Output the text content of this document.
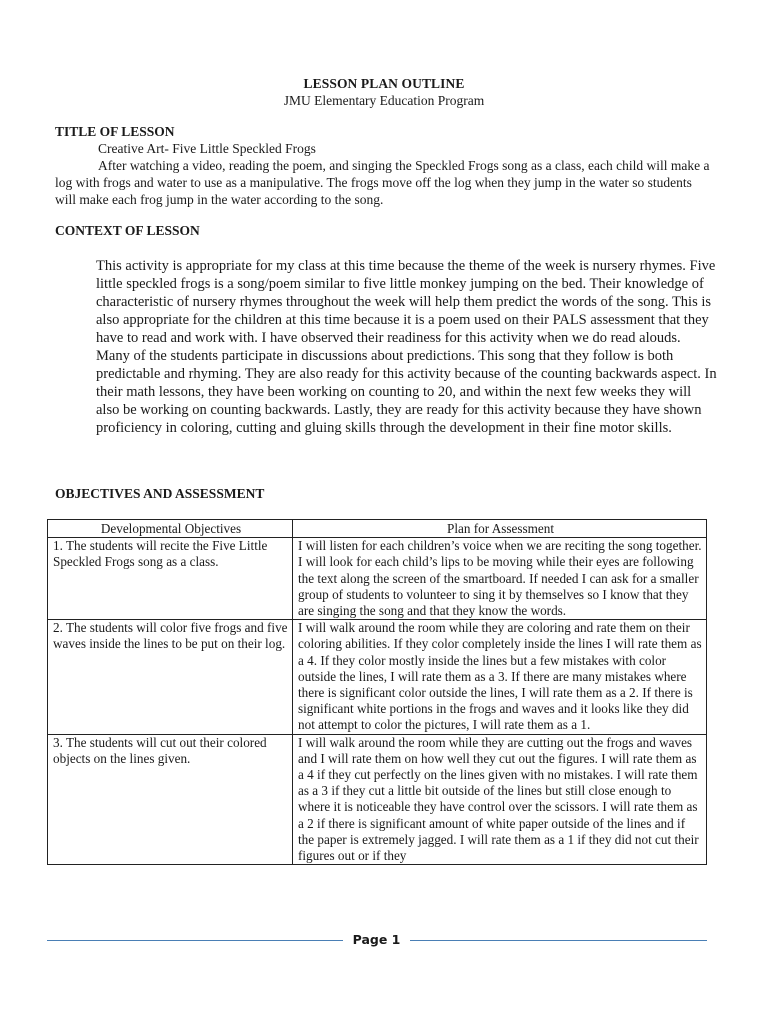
LESSON PLAN OUTLINE
JMU Elementary Education Program
TITLE OF LESSON
Creative Art- Five Little Speckled Frogs

After watching a video, reading the poem, and singing the Speckled Frogs song as a class, each child will make a log with frogs and water to use as a manipulative. The frogs move off the log when they jump in the water so students will make each frog jump in the water according to the song.

CONTEXT OF LESSON

This activity is appropriate for my class at this time because the theme of the week is nursery rhymes. Five little speckled frogs is a song/poem similar to five little monkey jumping on the bed. Their knowledge of characteristic of nursery rhymes throughout the week will help them predict the words of the song. This is also appropriate for the children at this time because it is a poem used on their PALS assessment that they have to read and work with. I have observed their readiness for this activity when we do read alouds. Many of the students participate in discussions about predictions. This song that they follow is both predictable and rhyming. They are also ready for this activity because of the counting backwards aspect. In their math lessons, they have been working on counting to 20, and within the next few weeks they will also be working on counting backwards. Lastly, they are ready for this activity because they have shown proficiency in coloring, cutting and gluing skills through the development in their fine motor skills.

OBJECTIVES AND ASSESSMENT
Developmental Objectives	Plan for Assessment
1. The students will recite the Five Little Speckled Frogs song as a class.	I will listen for each children’s voice when we are reciting the song together. I will look for each child’s lips to be moving while their eyes are following the text along the screen of the smartboard. If needed I can ask for a smaller group of students to volunteer to sing it by themselves so I know that they are singing the song and that they know the words.
2. The students will color five frogs and five waves inside the lines to be put on their log.	I will walk around the room while they are coloring and rate them on their coloring abilities. If they color completely inside the lines I will rate them as a 4. If they color mostly inside the lines but a few mistakes with color outside the lines, I will rate them as a 3. If there are many mistakes where there is significant color outside the lines, I will rate them as a 2. If there is significant white portions in the frogs and waves and it looks like they did not attempt to color the pictures, I will rate them as a 1.
3. The students will cut out their colored objects on the lines given.	I will walk around the room while they are cutting out the frogs and waves and I will rate them on how well they cut out the figures. I will rate them as a 4 if they cut perfectly on the lines given with no mistakes. I will rate them as a 3 if they cut a little bit outside of the lines but still close enough to where it is noticeable they have control over the scissors. I will rate them as a 2 if there is significant amount of white paper outside of the lines and if the paper is extremely jagged. I will rate them as a 1 if they did not cut their figures out or if they
Page 1
